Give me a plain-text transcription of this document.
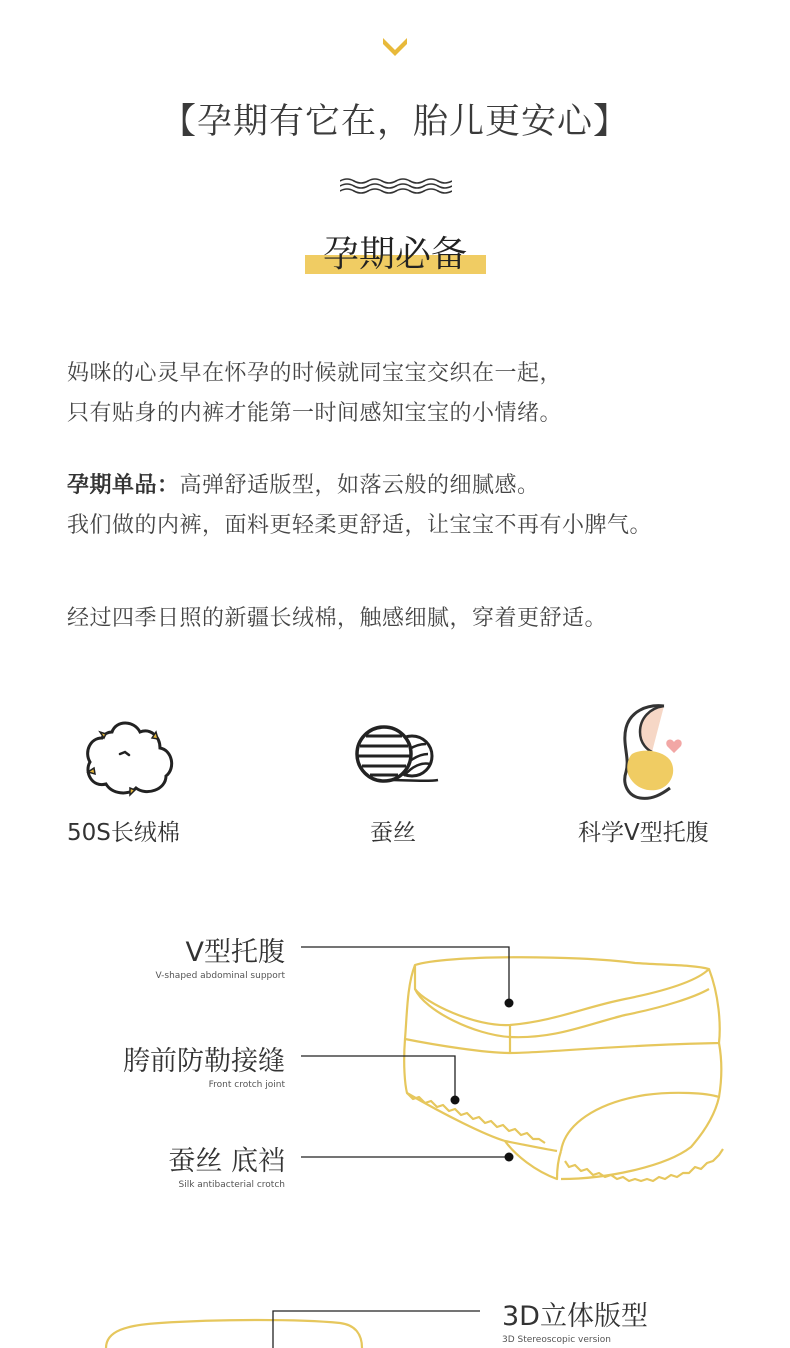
【孕期有它在，胎儿更安心】
孕期必备
妈咪的心灵早在怀孕的时候就同宝宝交织在一起，
只有贴身的内裤才能第一时间感知宝宝的小情绪。
孕期单品：高弹舒适版型，如落云般的细腻感。
我们做的内裤，面料更轻柔更舒适，让宝宝不再有小脾气。
经过四季日照的新疆长绒棉，触感细腻，穿着更舒适。
50S长绒棉	蚕丝	科学V型托腹
V型托腹
V-shaped abdominal support
胯前防勒接缝
Front crotch joint
蚕丝 底裆
Silk antibacterial crotch
3D立体版型
3D Stereoscopic version
